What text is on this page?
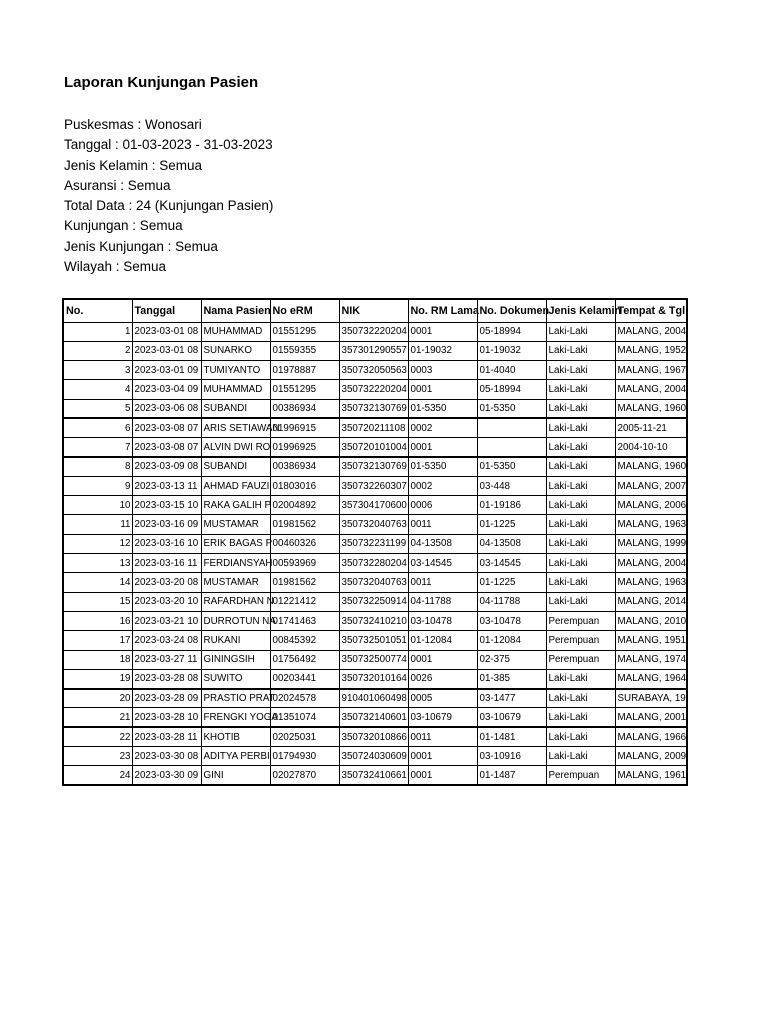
Laporan Kunjungan Pasien
Puskesmas : Wonosari
Tanggal : 01-03-2023 - 31-03-2023
Jenis Kelamin : Semua
Asuransi : Semua
Total Data : 24 (Kunjungan Pasien)
Kunjungan : Semua
Jenis Kunjungan : Semua
Wilayah : Semua
No.	Tanggal	Nama Pasien	No eRM	NIK	No. RM Lama	No. Dokumen	Jenis Kelamin	Tempat & Tgl
1	2023-03-01 08	MUHAMMAD	01551295	350732220204	0001	05-18994	Laki-Laki	MALANG, 2004
2	2023-03-01 08	SUNARKO	01559355	357301290557	01-19032	01-19032	Laki-Laki	MALANG, 1952
3	2023-03-01 09	TUMIYANTO	01978887	350732050563	0003	01-4040	Laki-Laki	MALANG, 1967
4	2023-03-04 09	MUHAMMAD	01551295	350732220204	0001	05-18994	Laki-Laki	MALANG, 2004
5	2023-03-06 08	SUBANDI	00386934	350732130769	01-5350	01-5350	Laki-Laki	MALANG, 1960
6	2023-03-08 07	ARIS SETIAWAN	01996915	350720211108	0002		Laki-Laki	2005-11-21
7	2023-03-08 07	ALVIN DWI RO	01996925	350720101004	0001		Laki-Laki	2004-10-10
8	2023-03-09 08	SUBANDI	00386934	350732130769	01-5350	01-5350	Laki-Laki	MALANG, 1960
9	2023-03-13 11	AHMAD FAUZI	01803016	350732260307	0002	03-448	Laki-Laki	MALANG, 2007
10	2023-03-15 10	RAKA GALIH P	02004892	357304170600	0006	01-19186	Laki-Laki	MALANG, 2006
11	2023-03-16 09	MUSTAMAR	01981562	350732040763	0011	01-1225	Laki-Laki	MALANG, 1963
12	2023-03-16 10	ERIK BAGAS P	00460326	350732231199	04-13508	04-13508	Laki-Laki	MALANG, 1999
13	2023-03-16 11	FERDIANSYAH	00593969	350732280204	03-14545	03-14545	Laki-Laki	MALANG, 2004
14	2023-03-20 08	MUSTAMAR	01981562	350732040763	0011	01-1225	Laki-Laki	MALANG, 1963
15	2023-03-20 10	RAFARDHAN N	01221412	350732250914	04-11788	04-11788	Laki-Laki	MALANG, 2014
16	2023-03-21 10	DURROTUN NA	01741463	350732410210	03-10478	03-10478	Perempuan	MALANG, 2010
17	2023-03-24 08	RUKANI	00845392	350732501051	01-12084	01-12084	Perempuan	MALANG, 1951
18	2023-03-27 11	GININGSIH	01756492	350732500774	0001	02-375	Perempuan	MALANG, 1974
19	2023-03-28 08	SUWITO	00203441	350732010164	0026	01-385	Laki-Laki	MALANG, 1964
20	2023-03-28 09	PRASTIO PRAT	02024578	910401060498	0005	03-1477	Laki-Laki	SURABAYA, 19
21	2023-03-28 10	FRENGKI YOGA	01351074	350732140601	03-10679	03-10679	Laki-Laki	MALANG, 2001
22	2023-03-28 11	KHOTIB	02025031	350732010866	0011	01-1481	Laki-Laki	MALANG, 1966
23	2023-03-30 08	ADITYA PERBI	01794930	350724030609	0001	03-10916	Laki-Laki	MALANG, 2009
24	2023-03-30 09	GINI	02027870	350732410661	0001	01-1487	Perempuan	MALANG, 1961
